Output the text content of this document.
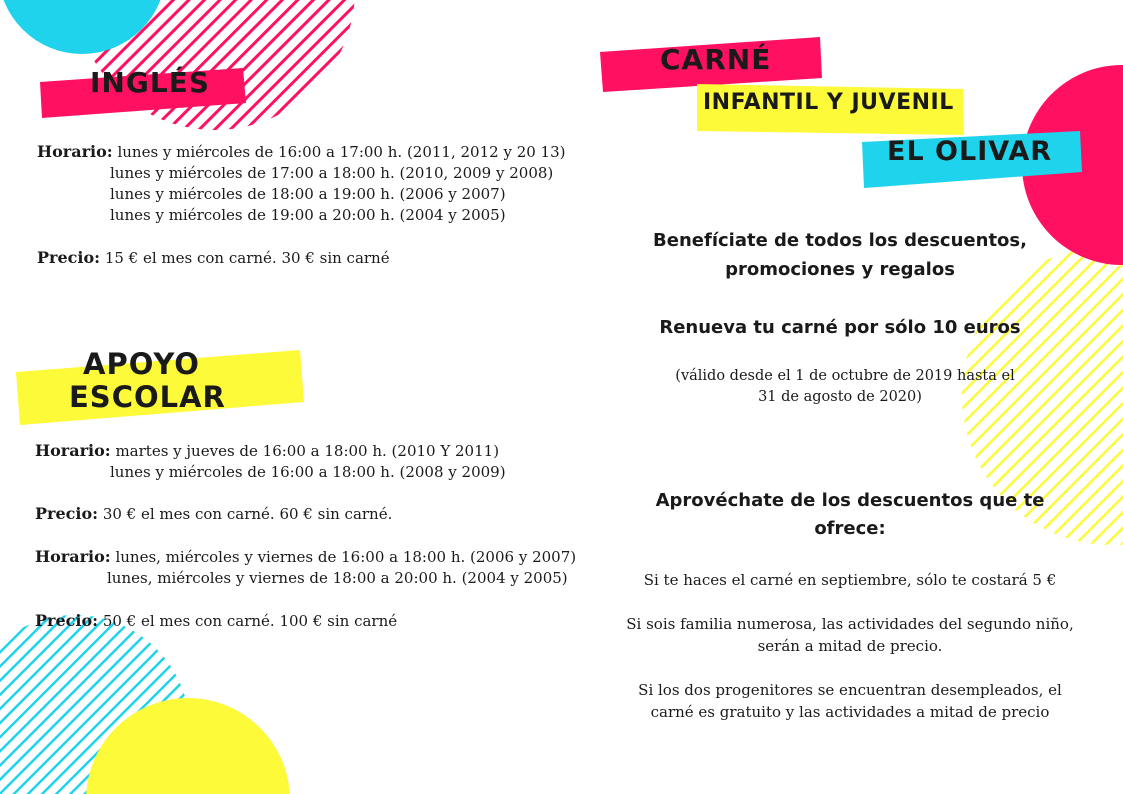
INGLÉS
Horario: lunes y miércoles de 16:00 a 17:00 h. (2011, 2012 y 20 13)
lunes y miércoles de 17:00 a 18:00 h. (2010, 2009 y 2008)
lunes y miércoles de 18:00 a 19:00 h. (2006 y 2007)
lunes y miércoles de 19:00 a 20:00 h. (2004 y 2005)
Precio: 15 € el mes con carné. 30 € sin carné
APOYO
ESCOLAR
Horario: martes y jueves de 16:00 a 18:00 h. (2010 Y 2011)
lunes y miércoles de 16:00 a 18:00 h. (2008 y 2009)
Precio: 30 € el mes con carné. 60 € sin carné.
Horario: lunes, miércoles y viernes de 16:00 a 18:00 h. (2006 y 2007)
lunes, miércoles y viernes de 18:00 a 20:00 h. (2004 y 2005)
Precio: 50 € el mes con carné. 100 € sin carné
CARNÉ
INFANTIL Y JUVENIL
EL OLIVAR
Benefíciate de todos los descuentos,
promociones y regalos
Renueva tu carné por sólo 10 euros
(válido desde el 1 de octubre de 2019 hasta el
31 de agosto de 2020)
Aprovéchate de los descuentos que te
ofrece:
Si te haces el carné en septiembre, sólo te costará 5 €
Si sois familia numerosa, las actividades del segundo niño,
serán a mitad de precio.
Si los dos progenitores se encuentran desempleados, el
carné es gratuito y las actividades a mitad de precio
